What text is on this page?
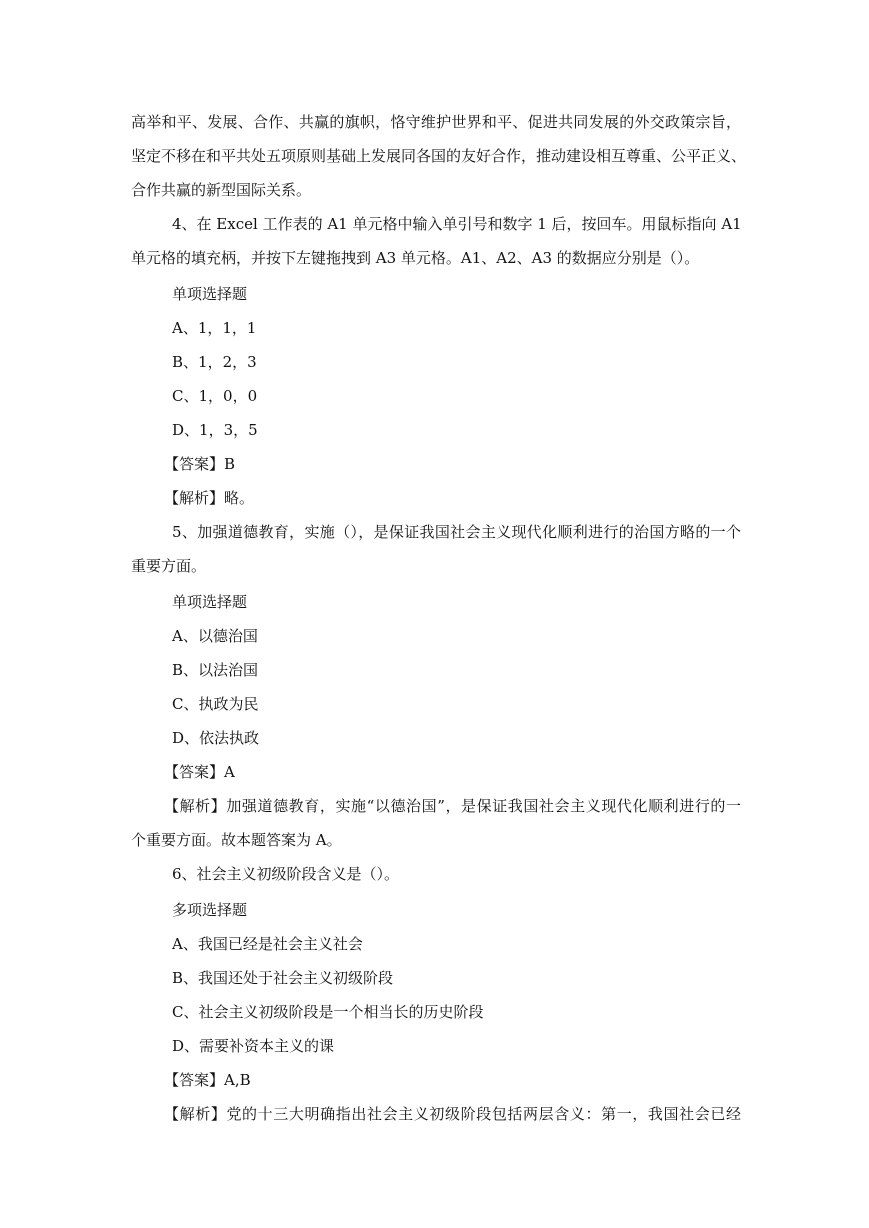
高举和平、发展、合作、共赢的旗帜，恪守维护世界和平、促进共同发展的外交政策宗旨，
坚定不移在和平共处五项原则基础上发展同各国的友好合作，推动建设相互尊重、公平正义、
合作共赢的新型国际关系。
4、在 Excel 工作表的 A1 单元格中输入单引号和数字 1 后，按回车。用鼠标指向 A1
单元格的填充柄，并按下左键拖拽到 A3 单元格。A1、A2、A3 的数据应分别是（）。
单项选择题
A、1，1，1
B、1，2，3
C、1，0，0
D、1，3，5
【答案】B
【解析】略。
5、加强道德教育，实施（），是保证我国社会主义现代化顺利进行的治国方略的一个
重要方面。
单项选择题
A、以德治国
B、以法治国
C、执政为民
D、依法执政
【答案】A
【解析】加强道德教育，实施“以德治国”，是保证我国社会主义现代化顺利进行的一
个重要方面。故本题答案为 A。
6、社会主义初级阶段含义是（）。
多项选择题
A、我国已经是社会主义社会
B、我国还处于社会主义初级阶段
C、社会主义初级阶段是一个相当长的历史阶段
D、需要补资本主义的课
【答案】A,B
【解析】党的十三大明确指出社会主义初级阶段包括两层含义：第一，我国社会已经
